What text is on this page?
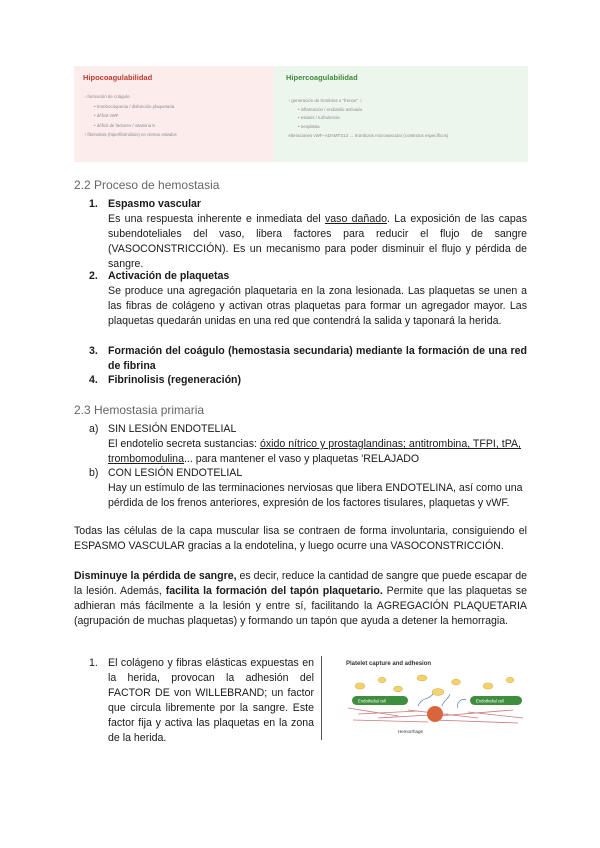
Hipocoagulabilidad
↓ formación de coágulo
• trombocitopenia / disfunción plaquetaria
• déficit vWF
• déficit de factores / vitamina K
↑ fibrinolisis (hiperfibrinólisis) en ciertos estados
Hipercoagulabilidad
↑ generación de trombina o "frenos" ↓:
• inflamación / endotelio activado
• estasis / turbulencia
• neoplasia
Alteraciones vWF–ADAMTS13 → trombosis microvascular (contextos específicos)
2.2 Proceso de hemostasia
1. Espasmo vascular
Es una respuesta inherente e inmediata del vaso dañado. La exposición de las capas subendoteliales del vaso, libera factores para reducir el flujo de sangre (VASOCONSTRICCIÓN). Es un mecanismo para poder disminuir el flujo y pérdida de sangre.
2. Activación de plaquetas
Se produce una agregación plaquetaria en la zona lesionada. Las plaquetas se unen a las fibras de colágeno y activan otras plaquetas para formar un agregador mayor. Las plaquetas quedarán unidas en una red que contendrá la salida y taponará la herida.
3. Formación del coágulo (hemostasia secundaria) mediante la formación de una red de fibrina
4. Fibrinolisis (regeneración)
2.3 Hemostasia primaria
a) SIN LESIÓN ENDOTELIAL
El endotelio secreta sustancias: óxido nítrico y prostaglandinas; antitrombina, TFPI, tPA, trombomodulina... para mantener el vaso y plaquetas 'RELAJADO
b) CON LESIÓN ENDOTELIAL
Hay un estímulo de las terminaciones nerviosas que libera ENDOTELINA, así como una pérdida de los frenos anteriores, expresión de los factores tisulares, plaquetas y vWF.
Todas las células de la capa muscular lisa se contraen de forma involuntaria, consiguiendo el ESPASMO VASCULAR gracias a la endotelina, y luego ocurre una VASOCONSTRICCIÓN.
Disminuye la pérdida de sangre, es decir, reduce la cantidad de sangre que puede escapar de la lesión. Además, facilita la formación del tapón plaquetario. Permite que las plaquetas se adhieran más fácilmente a la lesión y entre sí, facilitando la AGREGACIÓN PLAQUETARIA (agrupación de muchas plaquetas) y formando un tapón que ayuda a detener la hemorragia.
1. El colágeno y fibras elásticas expuestas en la herida, provocan la adhesión del FACTOR DE von WILLEBRAND; un factor que circula libremente por la sangre. Este factor fija y activa las plaquetas en la zona de la herida.
Platelet capture and adhesion
Endothelial cell	Endothelial cell
Hemorrhage
